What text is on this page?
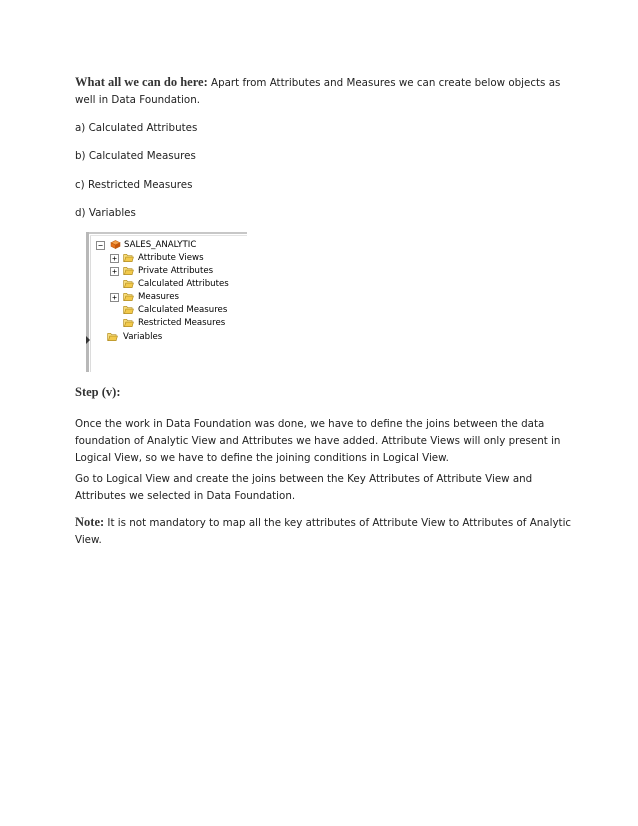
What all we can do here: Apart from Attributes and Measures we can create below objects as well in Data Foundation.

a) Calculated Attributes

b) Calculated Measures

c) Restricted Measures

d) Variables

− SALES_ANALYTIC
+ Attribute Views
+ Private Attributes
Calculated Attributes
+ Measures
Calculated Measures
Restricted Measures
Variables

Step (v):

Once the work in Data Foundation was done, we have to define the joins between the data foundation of Analytic View and Attributes we have added. Attribute Views will only present in Logical View, so we have to define the joining conditions in Logical View.

Go to Logical View and create the joins between the Key Attributes of Attribute View and Attributes we selected in Data Foundation.

Note: It is not mandatory to map all the key attributes of Attribute View to Attributes of Analytic View.
